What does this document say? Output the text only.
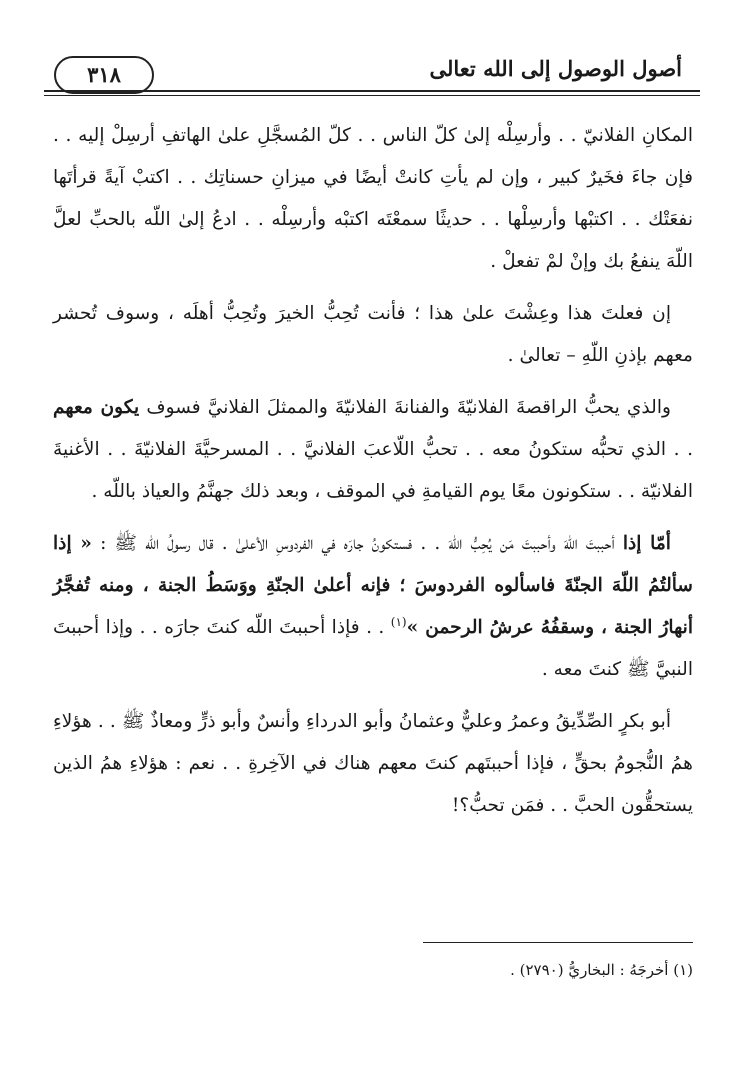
أصول الوصول إلى الله تعالى
٣١٨

المكانِ الفلانيّ . . وأرسِلْه إلىٰ كلّ الناس . . كلّ المُسجَّلِ علىٰ الهاتفِ أرسِلْ إليه . . فإن جاءَ فخَيرٌ كبير ، وإن لم يأتِ كانتْ أيضًا في ميزانِ حسناتِك . . اكتبْ آيةً قرأتَها نفعَتْك . . اكتبْها وأرسِلْها . . حديثًا سمعْتَه اكتبْه وأرسِلْه . . ادعُ إلىٰ اللّه بالحبِّ لعلَّ اللّهَ ينفعُ بك وإنْ لمْ تفعلْ .

إن فعلتَ هذا وعِشْتَ علىٰ هذا ؛ فأنت تُحِبُّ الخيرَ وتُحِبُّ أهلَه ، وسوف تُحشر معهم بإذنِ اللّهِ – تعالىٰ .

والذي يحبُّ الراقصةَ الفلانيّةَ والفنانةَ الفلانيّةَ والممثلَ الفلانيَّ فسوف يكون معهم . . الذي تحبُّه ستكونُ معه . . تحبُّ اللّاعبَ الفلانيَّ . . المسرحيَّةَ الفلانيّةَ . . الأغنيةَ الفلانيّة . . ستكونون معًا يوم القيامةِ في الموقف ، وبعد ذلك جهنَّمُ والعياذ باللّه .

أمّا إذا أحببتَ اللّهَ وأحببتَ مَن يُحِبُّ اللّهَ . . فستكونُ جارَه في الفردوسِ الأعلىٰ . قال رسولُ اللّه ﷺ : « إذا سألتُمُ اللّهَ الجنّةَ فاسألوه الفردوسَ ؛ فإنه أعلىٰ الجنّةِ ووَسَطُ الجنة ، ومنه تُفجَّرُ أنهارُ الجنة ، وسقفُهُ عرشُ الرحمن »$^{(١)}$ . . فإذا أحببتَ اللّه كنتَ جارَه . . وإذا أحببتَ النبيَّ ﷺ كنتَ معه .

أبو بكرٍ الصِّدِّيقُ وعمرُ وعليٌّ وعثمانُ وأبو الدرداءِ وأنسٌ وأبو ذرٍّ ومعاذٌ ﷺ . . هؤلاءِ همُ النُّجومُ بحقٍّ ، فإذا أحببتَهم كنتَ معهم هناك في الآخِرةِ . . نعم : هؤلاءِ همُ الذين يستحقُّون الحبَّ . . فمَن تحبُّ؟!

(١) أخرجَهُ : البخاريُّ (٢٧٩٠) .
